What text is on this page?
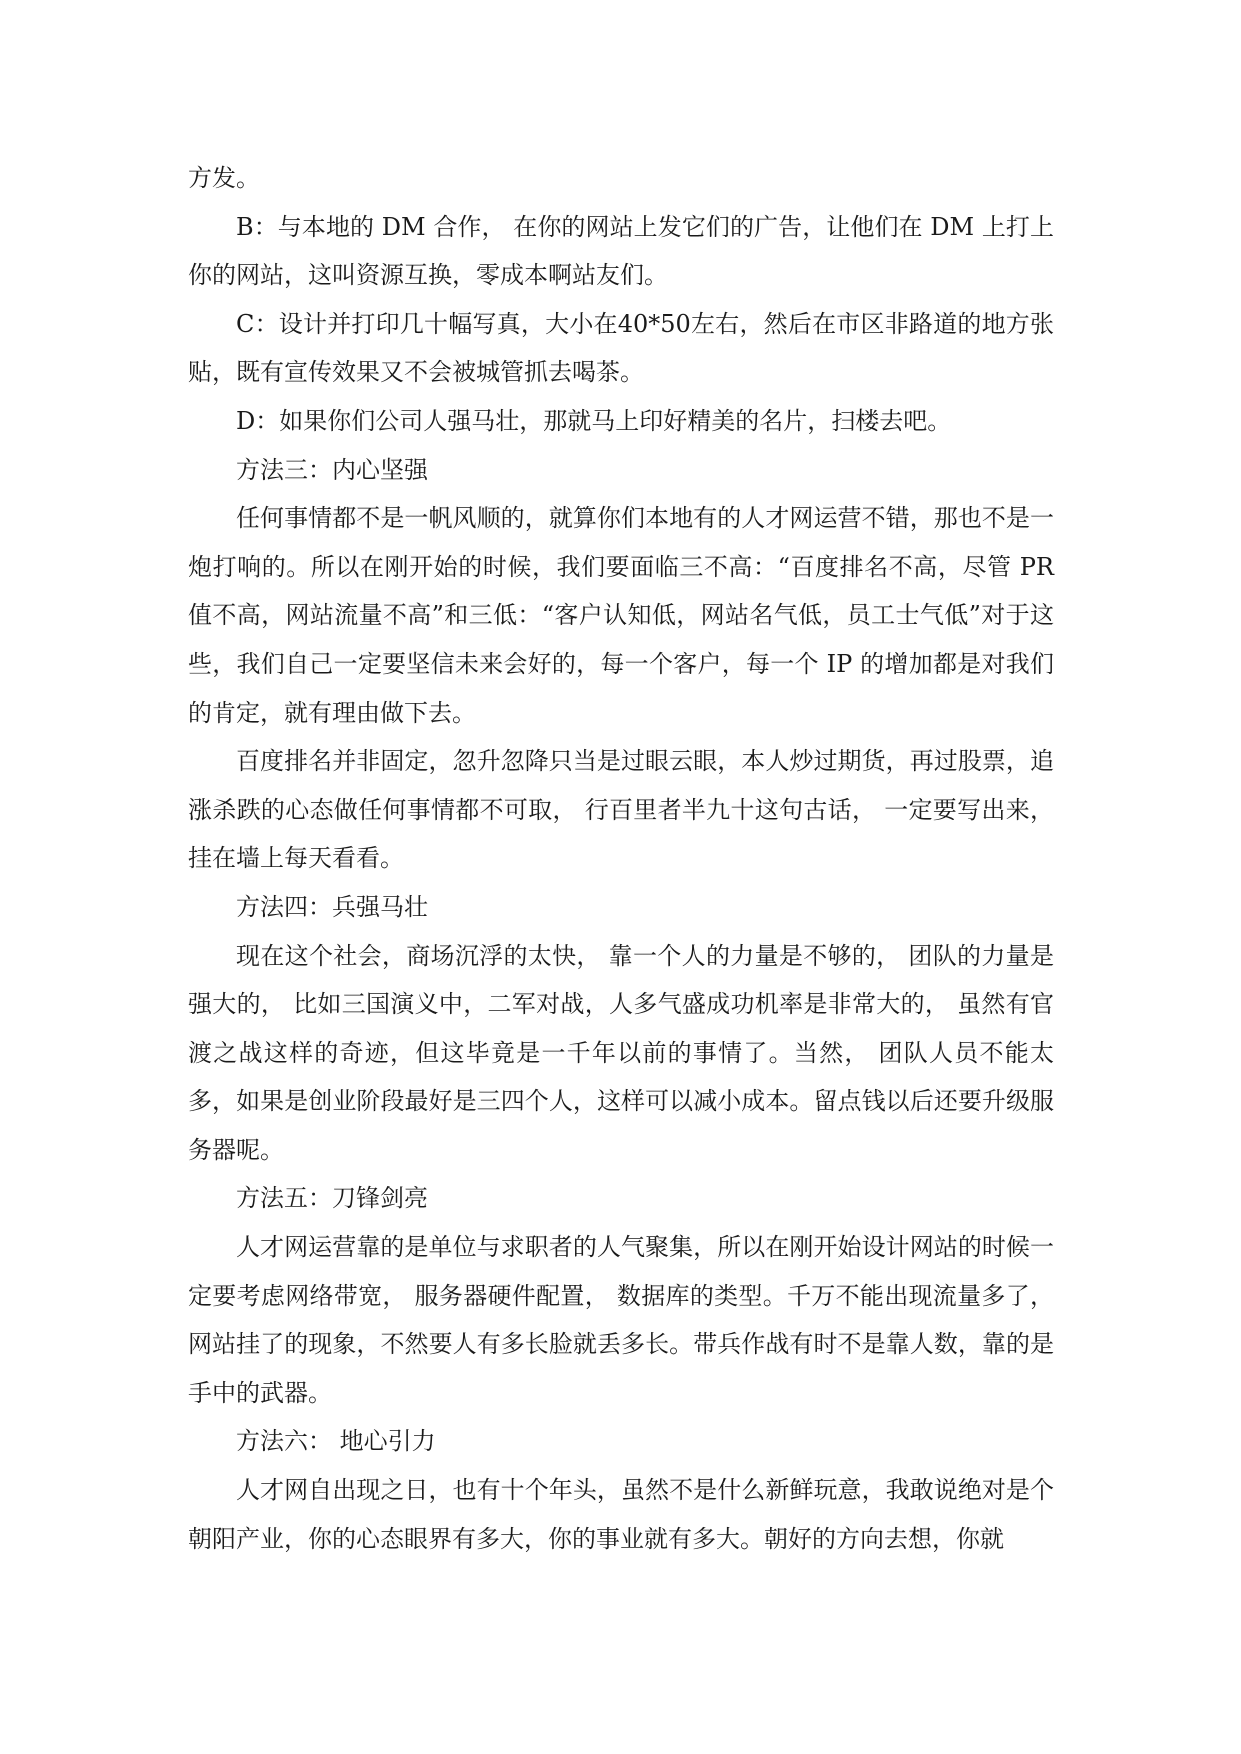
方发。

B：与本地的 DM 合作， 在你的网站上发它们的广告，让他们在 DM 上打上你的网站，这叫资源互换，零成本啊站友们。

C：设计并打印几十幅写真，大小在40*50左右，然后在市区非路道的地方张贴，既有宣传效果又不会被城管抓去喝茶。

D：如果你们公司人强马壮，那就马上印好精美的名片，扫楼去吧。

方法三：内心坚强

任何事情都不是一帆风顺的，就算你们本地有的人才网运营不错，那也不是一炮打响的。所以在刚开始的时候，我们要面临三不高：“百度排名不高，尽管 PR 值不高，网站流量不高”和三低：“客户认知低，网站名气低，员工士气低”对于这些，我们自己一定要坚信未来会好的，每一个客户，每一个 IP 的增加都是对我们的肯定，就有理由做下去。

百度排名并非固定，忽升忽降只当是过眼云眼，本人炒过期货，再过股票，追涨杀跌的心态做任何事情都不可取， 行百里者半九十这句古话， 一定要写出来，挂在墙上每天看看。

方法四：兵强马壮

现在这个社会，商场沉浮的太快， 靠一个人的力量是不够的， 团队的力量是强大的， 比如三国演义中，二军对战，人多气盛成功机率是非常大的， 虽然有官渡之战这样的奇迹，但这毕竟是一千年以前的事情了。当然， 团队人员不能太多，如果是创业阶段最好是三四个人，这样可以减小成本。留点钱以后还要升级服务器呢。

方法五：刀锋剑亮

人才网运营靠的是单位与求职者的人气聚集，所以在刚开始设计网站的时候一定要考虑网络带宽， 服务器硬件配置， 数据库的类型。千万不能出现流量多了，网站挂了的现象，不然要人有多长脸就丢多长。带兵作战有时不是靠人数，靠的是手中的武器。

方法六： 地心引力

人才网自出现之日，也有十个年头，虽然不是什么新鲜玩意，我敢说绝对是个朝阳产业，你的心态眼界有多大，你的事业就有多大。朝好的方向去想，你就
